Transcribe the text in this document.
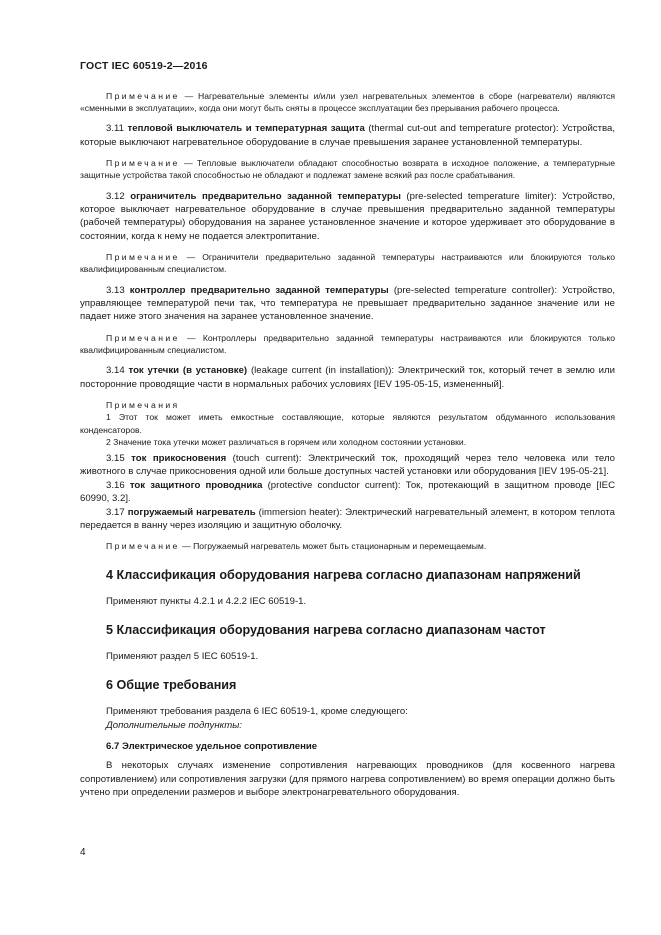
ГОСТ IEC 60519-2—2016

Примечание — Нагревательные элементы и/или узел нагревательных элементов в сборе (нагреватели) являются «сменными в эксплуатации», когда они могут быть сняты в процессе эксплуатации без прерывания рабочего процесса.

3.11 тепловой выключатель и температурная защита (thermal cut-out and temperature protector): Устройства, которые выключают нагревательное оборудование в случае превышения заранее установленной температуры.

Примечание — Тепловые выключатели обладают способностью возврата в исходное положение, а температурные защитные устройства такой способностью не обладают и подлежат замене всякий раз после срабатывания.

3.12 ограничитель предварительно заданной температуры (pre-selected temperature limiter): Устройство, которое выключает нагревательное оборудование в случае превышения предварительно заданной температуры (рабочей температуры) оборудования на заранее установленное значение и которое удерживает это оборудование в состоянии, когда к нему не подается электропитание.

Примечание — Ограничители предварительно заданной температуры настраиваются или блокируются только квалифицированным специалистом.

3.13 контроллер предварительно заданной температуры (pre-selected temperature controller): Устройство, управляющее температурой печи так, что температура не превышает предварительно заданное значение или не падает ниже этого значения на заранее установленное значение.

Примечание — Контроллеры предварительно заданной температуры настраиваются или блокируются только квалифицированным специалистом.

3.14 ток утечки (в установке) (leakage current (in installation)): Электрический ток, который течет в землю или посторонние проводящие части в нормальных рабочих условиях [IEV 195-05-15, измененный].

Примечания

1 Этот ток может иметь емкостные составляющие, которые являются результатом обдуманного использования конденсаторов.

2 Значение тока утечки может различаться в горячем или холодном состоянии установки.

3.15 ток прикосновения (touch current): Электрический ток, проходящий через тело человека или тело животного в случае прикосновения одной или больше доступных частей установки или оборудования [IEV 195-05-21].

3.16 ток защитного проводника (protective conductor current): Ток, протекающий в защитном проводе [IEC 60990, 3.2].

3.17 погружаемый нагреватель (immersion heater): Электрический нагревательный элемент, в котором теплота передается в ванну через изоляцию и защитную оболочку.

Примечание — Погружаемый нагреватель может быть стационарным и перемещаемым.

4 Классификация оборудования нагрева согласно диапазонам напряжений

Применяют пункты 4.2.1 и 4.2.2 IEC 60519-1.

5 Классификация оборудования нагрева согласно диапазонам частот

Применяют раздел 5 IEC 60519-1.

6 Общие требования

Применяют требования раздела 6 IEC 60519-1, кроме следующего:

Дополнительные подпункты:

6.7 Электрическое удельное сопротивление

В некоторых случаях изменение сопротивления нагревающих проводников (для косвенного нагрева сопротивлением) или сопротивления загрузки (для прямого нагрева сопротивлением) во время операции должно быть учтено при определении размеров и выборе электронагревательного оборудования.

4
